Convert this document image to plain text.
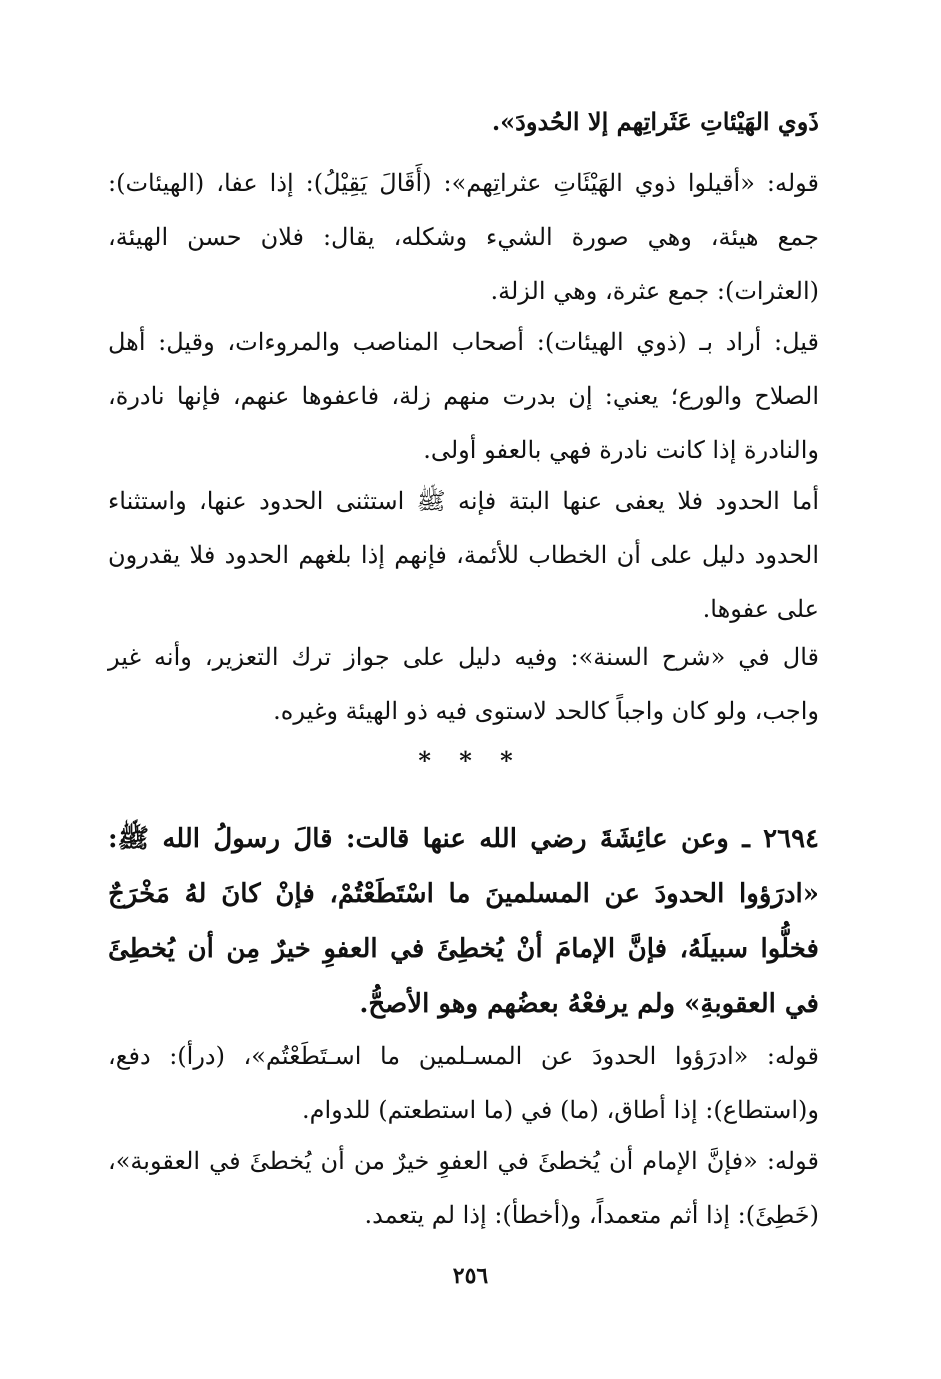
ذَوي الهَيْئاتِ عَثَراتِهم إلا الحُدودَ».

قوله: «أقيلوا ذوي الهَيْئَاتِ عثراتِهم»: (أَقَالَ يَقِيْلُ): إذا عفا، (الهيئات): جمع هيئة، وهي صورة الشيء وشكله، يقال: فلان حسن الهيئة، (العثرات): جمع عثرة، وهي الزلة.

قيل: أراد بـ (ذوي الهيئات): أصحاب المناصب والمروءات، وقيل: أهل الصلاح والورع؛ يعني: إن بدرت منهم زلة، فاعفوها عنهم، فإنها نادرة، والنادرة إذا كانت نادرة فهي بالعفو أولى.

أما الحدود فلا يعفى عنها البتة فإنه ﷺ استثنى الحدود عنها، واستثناء الحدود دليل على أن الخطاب للأئمة، فإنهم إذا بلغهم الحدود فلا يقدرون على عفوها.

قال في «شرح السنة»: وفيه دليل على جواز ترك التعزير، وأنه غير واجب، ولو كان واجباً كالحد لاستوى فيه ذو الهيئة وغيره.

* * *

٢٦٩٤ ـ وعن عائِشَةَ رضي الله عنها قالت: قالَ رسولُ الله ﷺ: «ادرَؤوا الحدودَ عن المسلمينَ ما اسْتَطَعْتُمْ، فإنْ كانَ لهُ مَخْرَجٌ فخلُّوا سبيلَهُ، فإنَّ الإمامَ أنْ يُخطِئَ في العفوِ خيرٌ مِن أن يُخطِئَ في العقوبةِ» ولم يرفعْهُ بعضُهم وهو الأصحُّ.

قوله: «ادرَؤوا الحدودَ عن المسـلمين ما اسـتَطَعْتُم»، (درأ): دفع، و(استطاع): إذا أطاق، (ما) في (ما استطعتم) للدوام.

قوله: «فإنَّ الإمام أن يُخطئَ في العفوِ خيرٌ من أن يُخطئَ في العقوبة»، (خَطِئَ): إذا أثم متعمداً، و(أخطأ): إذا لم يتعمد.

٢٥٦
